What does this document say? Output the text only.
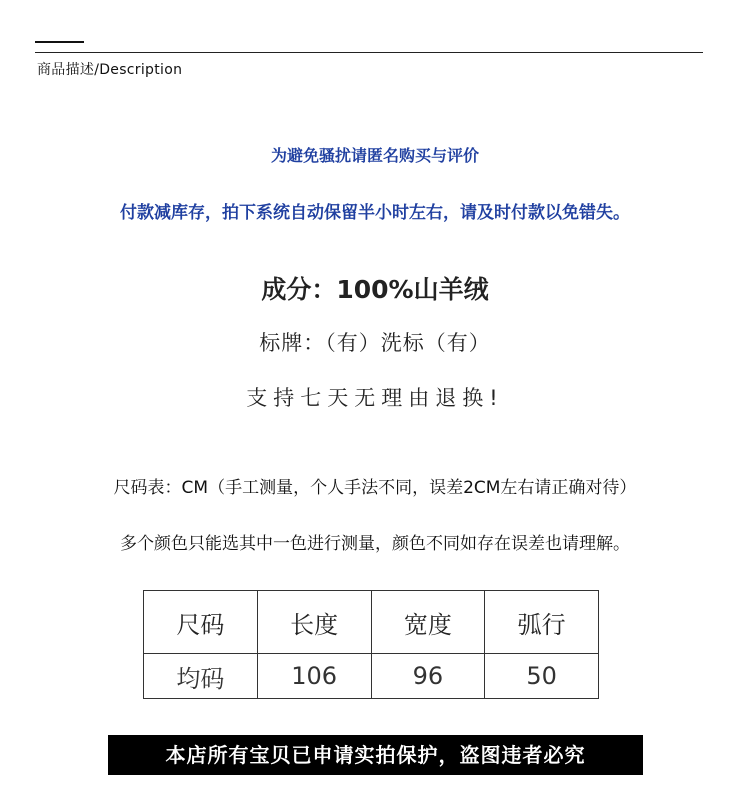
商品描述/Description
为避免骚扰请匿名购买与评价
付款减库存，拍下系统自动保留半小时左右，请及时付款以免错失。
成分：100%山羊绒
标牌：（有）洗标（有）
支持七天无理由退换!
尺码表：CM（手工测量，个人手法不同，误差2CM左右请正确对待）
多个颜色只能选其中一色进行测量，颜色不同如存在误差也请理解。
尺码	长度	宽度	弧行
均码	106	96	50
本店所有宝贝已申请实拍保护，盗图违者必究
